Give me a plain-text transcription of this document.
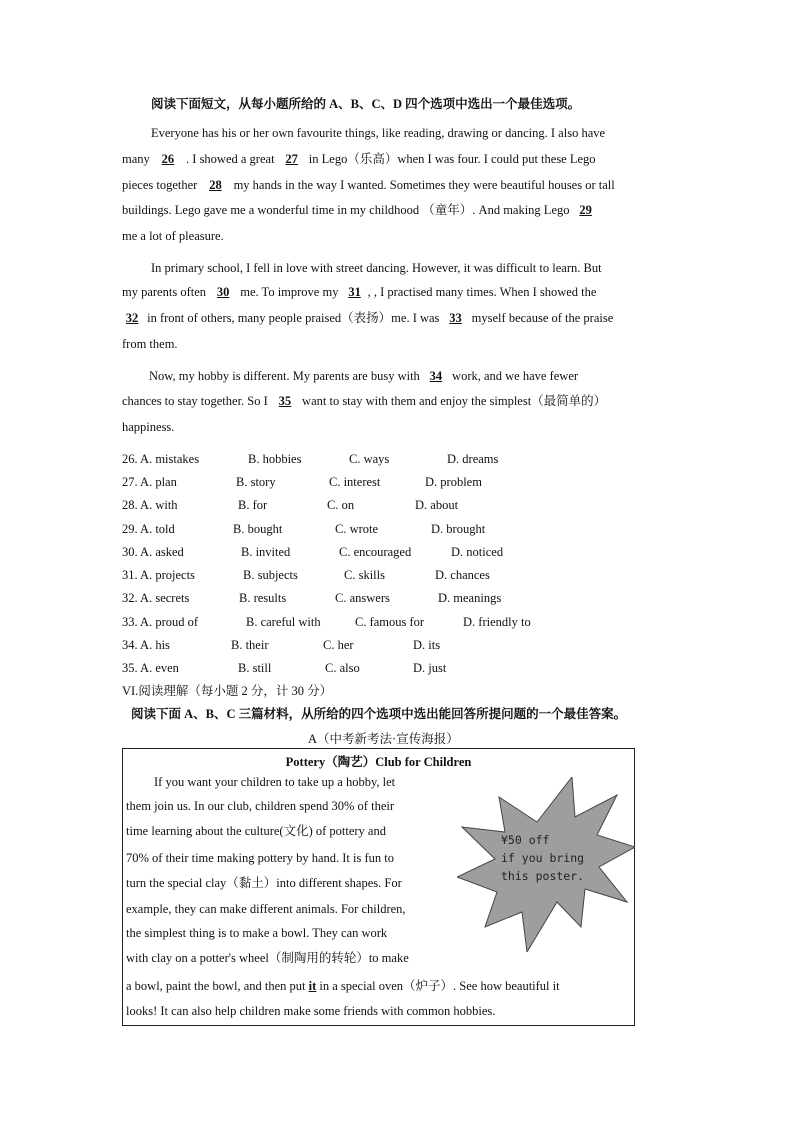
阅读下面短文，从每小题所给的 A、B、C、D 四个选项中选出一个最佳选项。
Everyone has his or her own favourite things, like reading, drawing or dancing. I also have
many 26 . I showed a great 27 in Lego（乐高）when I was four. I could put these Lego
pieces together 28 my hands in the way I wanted. Sometimes they were beautiful houses or tall
buildings. Lego gave me a wonderful time in my childhood （童年）. And making Lego 29
me a lot of pleasure.
In primary school, I fell in love with street dancing. However, it was difficult to learn. But
my parents often 30 me. To improve my 31 , , I practised many times. When I showed the
32 in front of others, many people praised（表扬）me. I was 33 myself because of the praise
from them.
Now, my hobby is different. My parents are busy with 34 work, and we have fewer
chances to stay together. So I 35 want to stay with them and enjoy the simplest（最简单的）
happiness.
26. A. mistakes	B. hobbies	C. ways	D. dreams
27. A. plan	B. story	C. interest	D. problem
28. A. with	B. for	C. on	D. about
29. A. told	B. bought	C. wrote	D. brought
30. A. asked	B. invited	C. encouraged	D. noticed
31. A. projects	B. subjects	C. skills	D. chances
32. A. secrets	B. results	C. answers	D. meanings
33. A. proud of	B. careful with	C. famous for	D. friendly to
34. A. his	B. their	C. her	D. its
35. A. even	B. still	C. also	D. just
VI.阅读理解（每小题 2 分，计 30 分）
阅读下面 A、B、C 三篇材料，从所给的四个选项中选出能回答所提问题的一个最佳答案。
A（中考新考法·宣传海报）
Pottery（陶艺）Club for Children
If you want your children to take up a hobby, let
them join us. In our club, children spend 30% of their
time learning about the culture(文化) of pottery and
70% of their time making pottery by hand. It is fun to
turn the special clay（黏土）into different shapes. For
example, they can make different animals. For children,
the simplest thing is to make a bowl. They can work
with clay on a potter's wheel（制陶用的转轮）to make
a bowl, paint the bowl, and then put it in a special oven（炉子）. See how beautiful it
looks! It can also help children make some friends with common hobbies.
¥50 off
if you bring
this poster.
